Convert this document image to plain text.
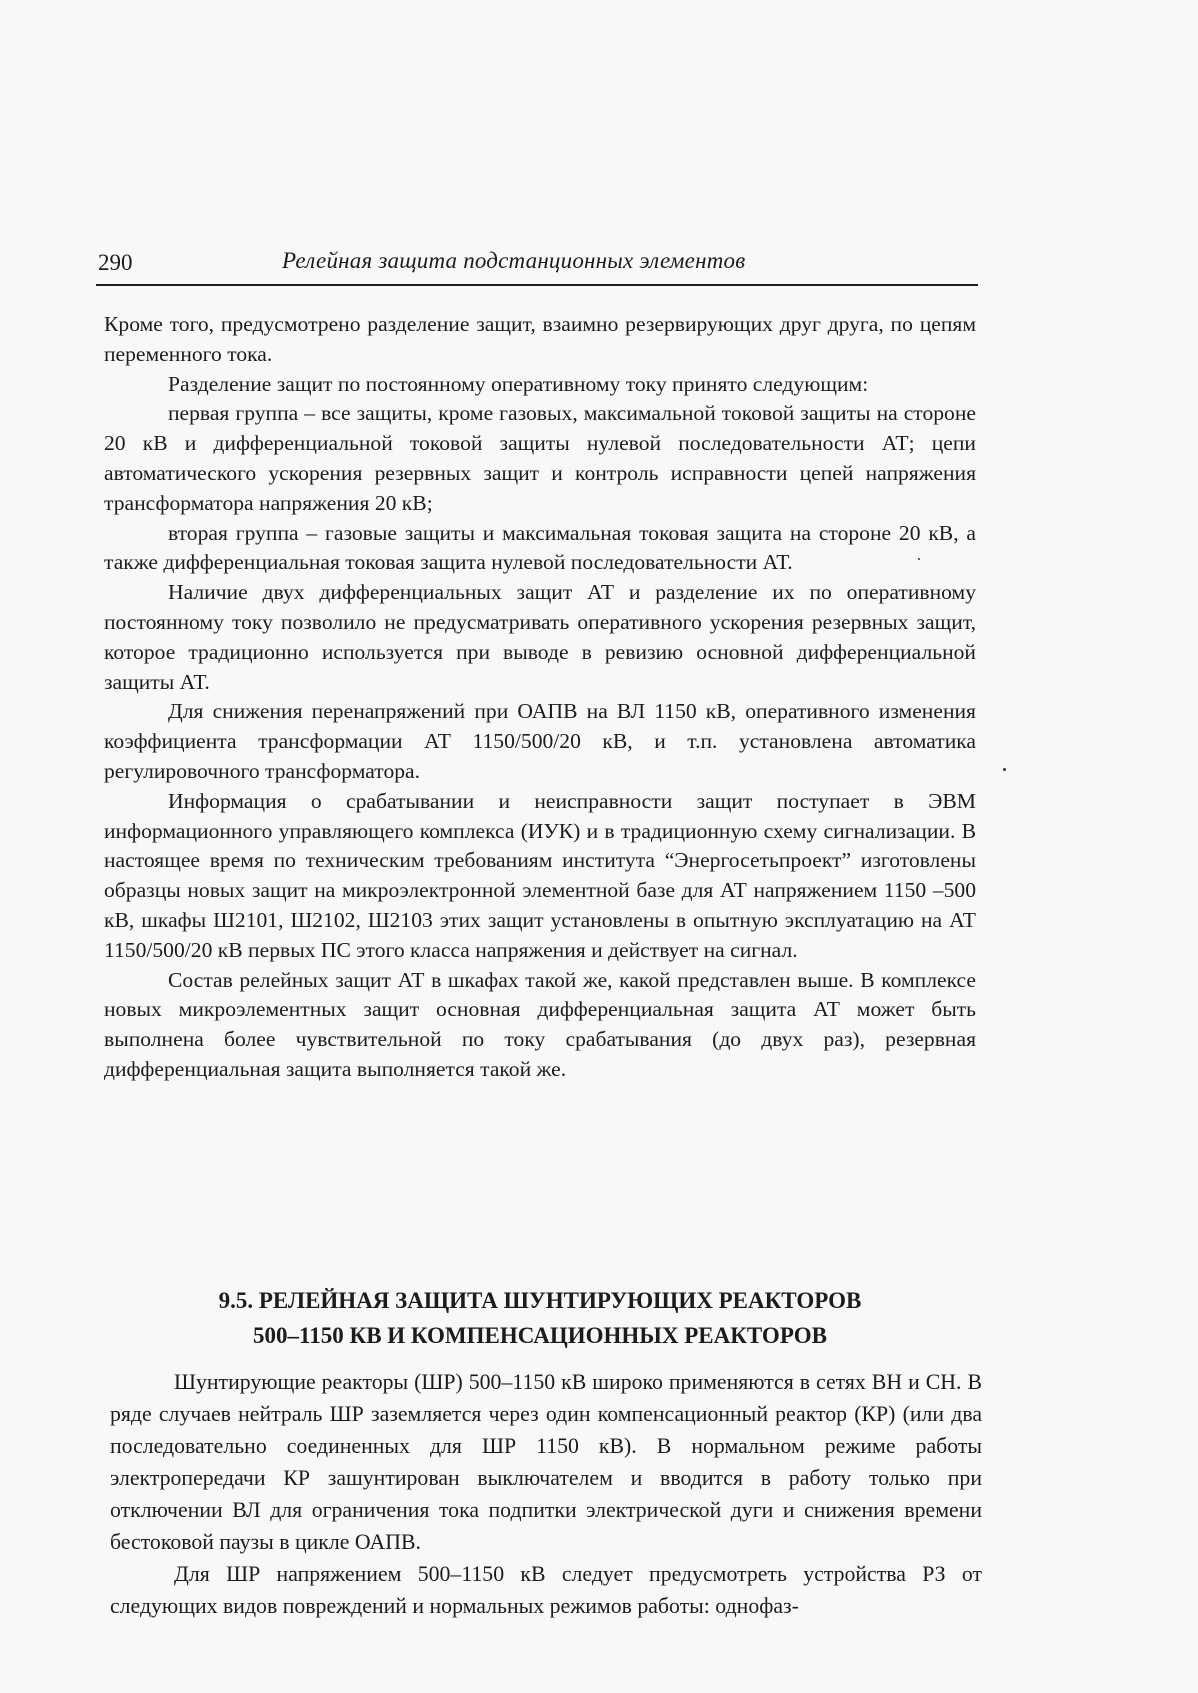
290	Релейная защита подстанционных элементов

Кроме того, предусмотрено разделение защит, взаимно резервирующих друг друга, по цепям переменного тока.

Разделение защит по постоянному оперативному току принято следующим:

первая группа – все защиты, кроме газовых, максимальной токовой защиты на стороне 20 кВ и дифференциальной токовой защиты нулевой последовательности АТ; цепи автоматического ускорения резервных защит и контроль исправности цепей напряжения трансформатора напряжения 20 кВ;

вторая группа – газовые защиты и максимальная токовая защита на стороне 20 кВ, а также дифференциальная токовая защита нулевой последовательности АТ.

Наличие двух дифференциальных защит АТ и разделение их по оперативному постоянному току позволило не предусматривать оперативного ускорения резервных защит, которое традиционно используется при выводе в ревизию основной дифференциальной защиты АТ.

Для снижения перенапряжений при ОАПВ на ВЛ 1150 кВ, оперативного изменения коэффициента трансформации АТ 1150/500/20 кВ, и т.п. установлена автоматика регулировочного трансформатора.

Информация о срабатывании и неисправности защит поступает в ЭВМ информационного управляющего комплекса (ИУК) и в традиционную схему сигнализации. В настоящее время по техническим требованиям института “Энергосетьпроект” изготовлены образцы новых защит на микроэлектронной элементной базе для АТ напряжением 1150 –500 кВ, шкафы Ш2101, Ш2102, Ш2103 этих защит установлены в опытную эксплуатацию на АТ 1150/500/20 кВ первых ПС этого класса напряжения и действует на сигнал.

Состав релейных защит АТ в шкафах такой же, какой представлен выше. В комплексе новых микроэлементных защит основная дифференциальная защита АТ может быть выполнена более чувствительной по току срабатывания (до двух раз), резервная дифференциальная защита выполняется такой же.

9.5. РЕЛЕЙНАЯ ЗАЩИТА ШУНТИРУЮЩИХ РЕАКТОРОВ
500–1150 КВ И КОМПЕНСАЦИОННЫХ РЕАКТОРОВ

Шунтирующие реакторы (ШР) 500–1150 кВ широко применяются в сетях ВН и СН. В ряде случаев нейтраль ШР заземляется через один компенсационный реактор (КР) (или два последовательно соединенных для ШР 1150 кВ). В нормальном режиме работы электропередачи КР зашунтирован выключателем и вводится в работу только при отключении ВЛ для ограничения тока подпитки электрической дуги и снижения времени бестоковой паузы в цикле ОАПВ.

Для ШР напряжением 500–1150 кВ следует предусмотреть устройства РЗ от следующих видов повреждений и нормальных режимов работы: однофаз-
